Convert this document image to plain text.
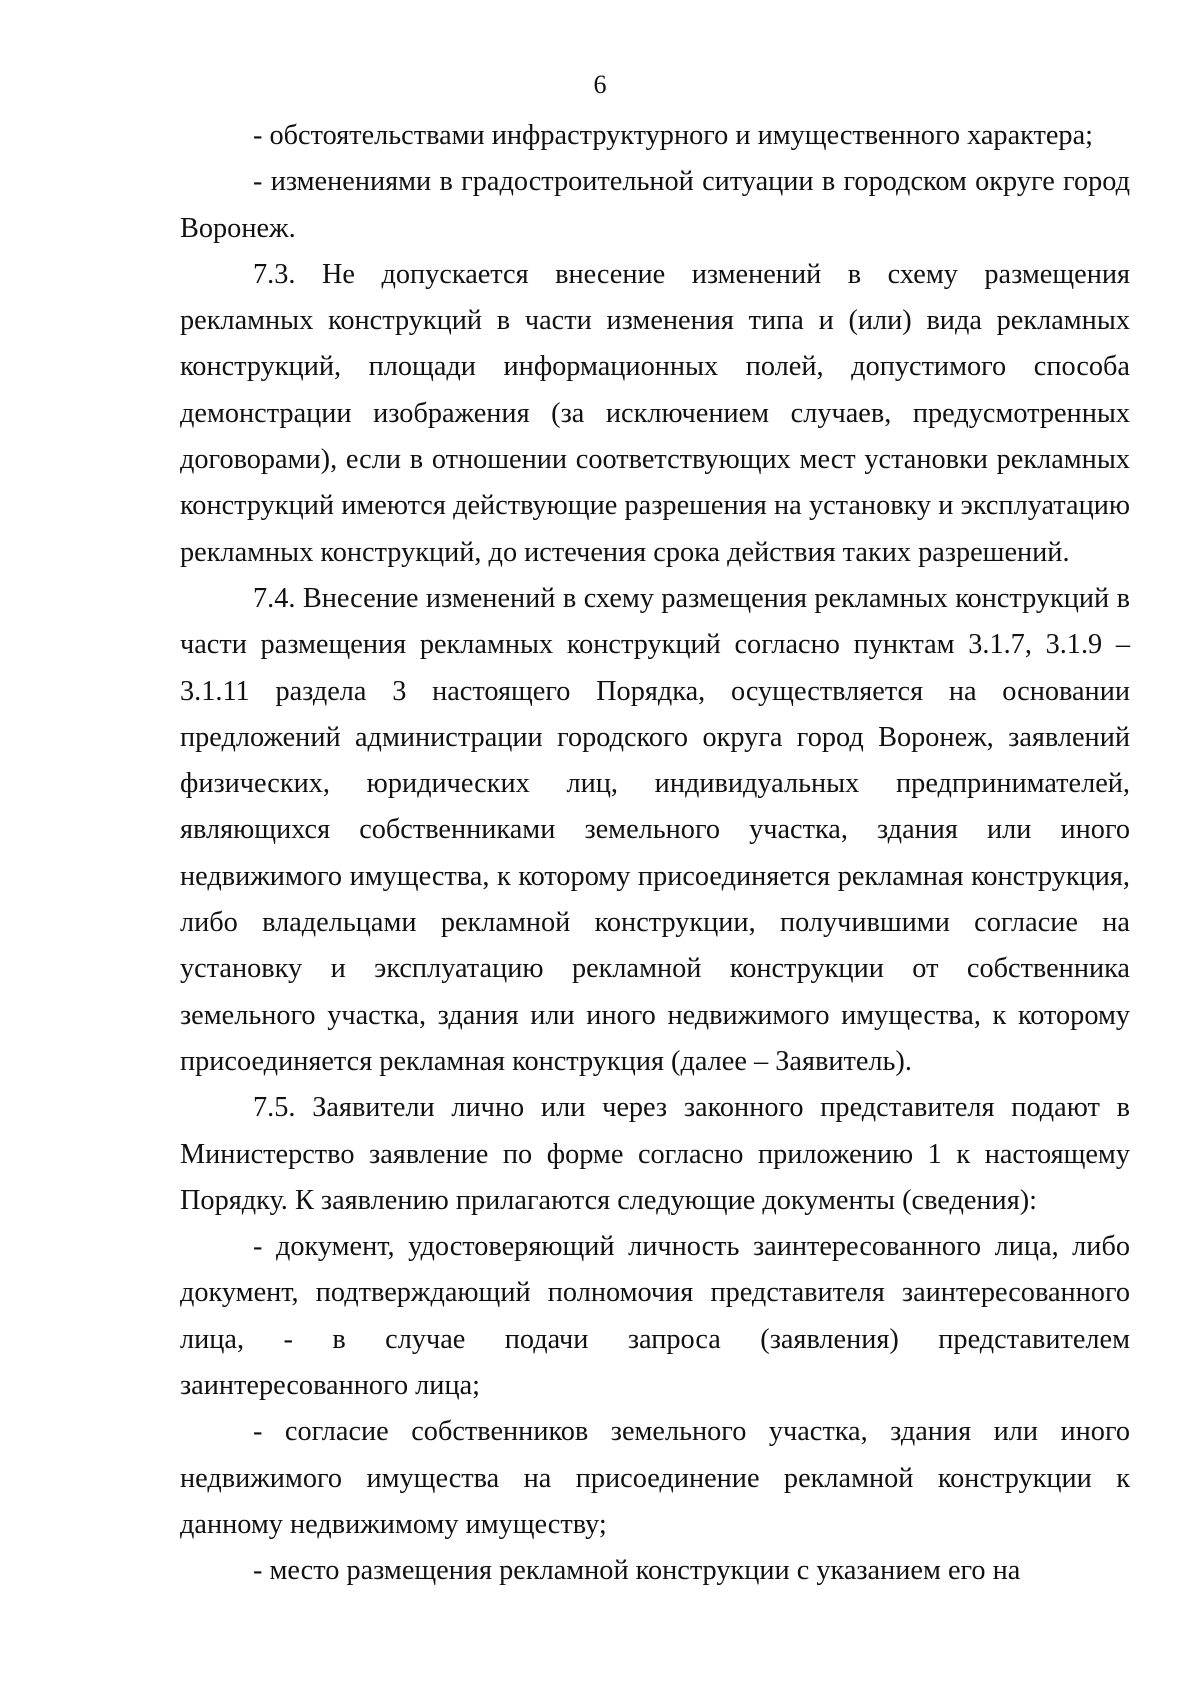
6

- обстоятельствами инфраструктурного и имущественного характера;

- изменениями в градостроительной ситуации в городском округе город Воронеж.

7.3. Не допускается внесение изменений в схему размещения рекламных конструкций в части изменения типа и (или) вида рекламных конструкций, площади информационных полей, допустимого способа демонстрации изображения (за исключением случаев, предусмотренных договорами), если в отношении соответствующих мест установки рекламных конструкций имеются действующие разрешения на установку и эксплуатацию рекламных конструкций, до истечения срока действия таких разрешений.

7.4. Внесение изменений в схему размещения рекламных конструкций в части размещения рекламных конструкций согласно пунктам 3.1.7, 3.1.9 – 3.1.11 раздела 3 настоящего Порядка, осуществляется на основании предложений администрации городского округа город Воронеж, заявлений физических, юридических лиц, индивидуальных предпринимателей, являющихся собственниками земельного участка, здания или иного недвижимого имущества, к которому присоединяется рекламная конструкция, либо владельцами рекламной конструкции, получившими согласие на установку и эксплуатацию рекламной конструкции от собственника земельного участка, здания или иного недвижимого имущества, к которому присоединяется рекламная конструкция (далее – Заявитель).

7.5. Заявители лично или через законного представителя подают в Министерство заявление по форме согласно приложению 1 к настоящему Порядку. К заявлению прилагаются следующие документы (сведения):

- документ, удостоверяющий личность заинтересованного лица, либо документ, подтверждающий полномочия представителя заинтересованного лица, - в случае подачи запроса (заявления) представителем заинтересованного лица;

- согласие собственников земельного участка, здания или иного недвижимого имущества на присоединение рекламной конструкции к данному недвижимому имуществу;

- место размещения рекламной конструкции с указанием его на
